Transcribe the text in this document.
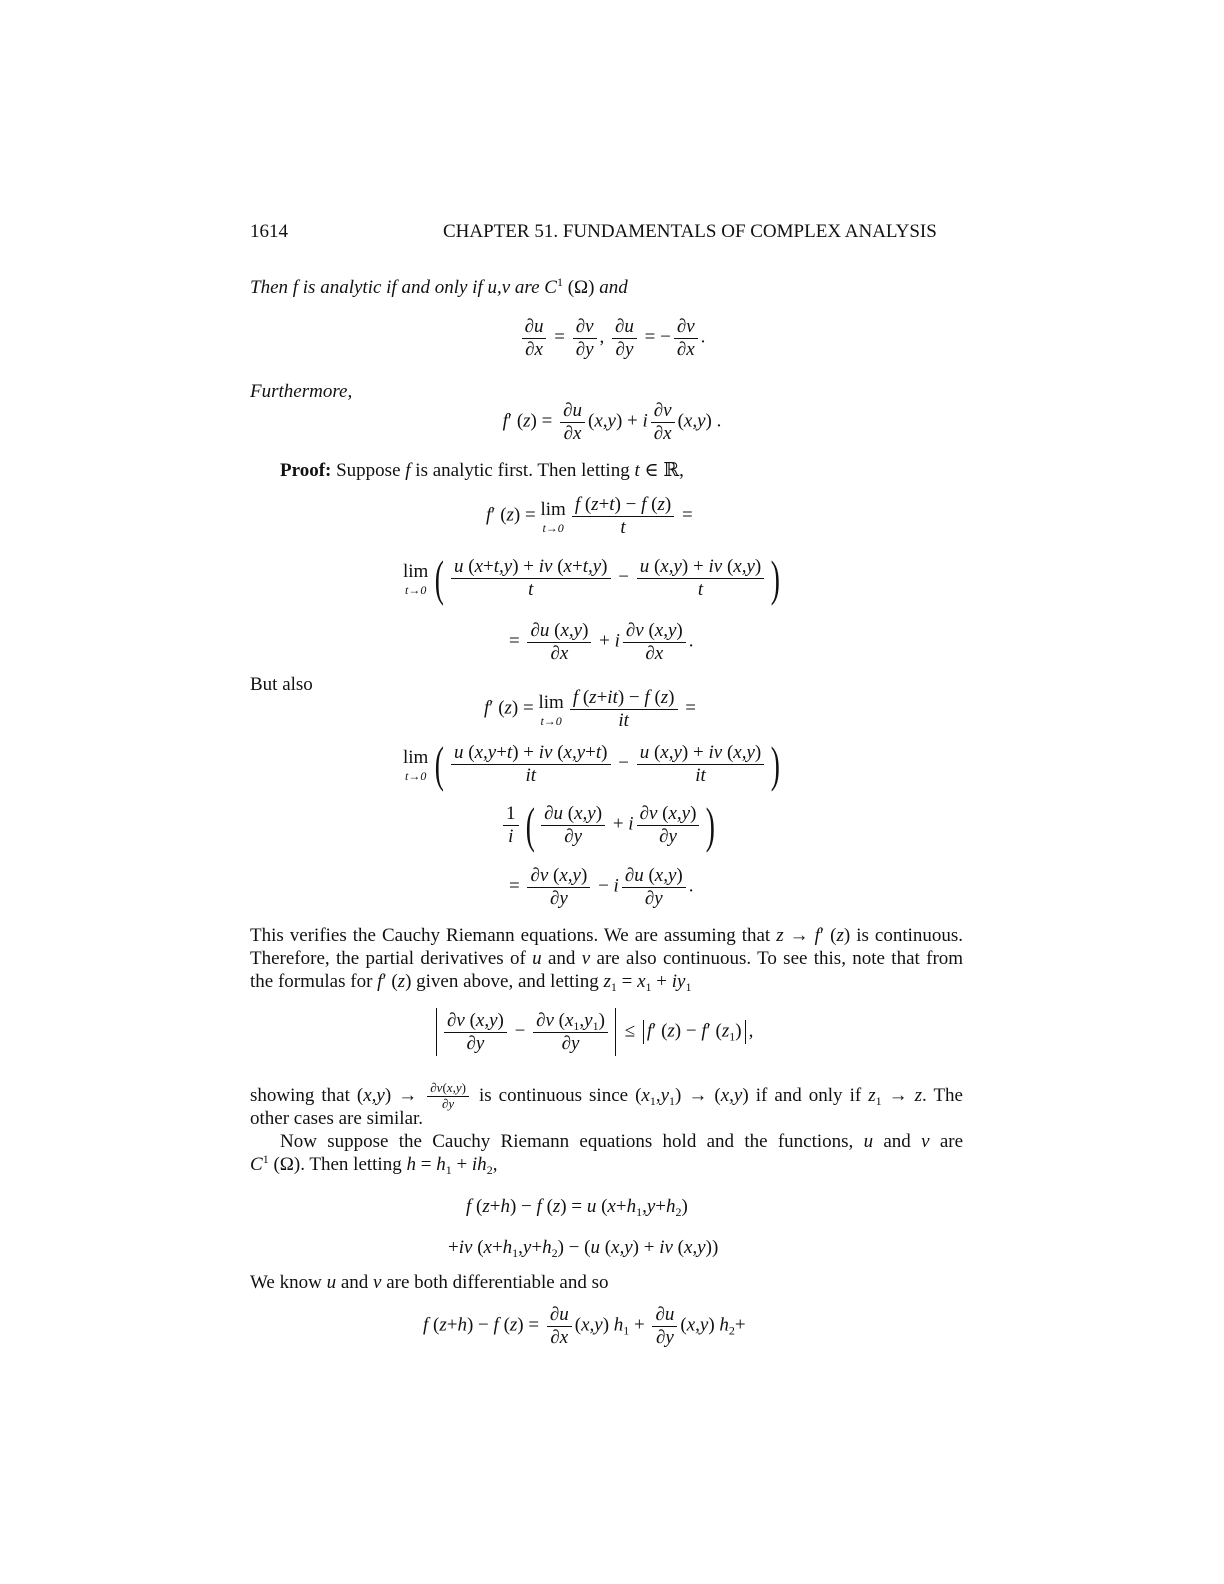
1614	CHAPTER 51. FUNDAMENTALS OF COMPLEX ANALYSIS
Then f is analytic if and only if u,v are $C^1$ (Ω) and
$\frac{\partial u}{\partial x} = \frac{\partial v}{\partial y}$ , $\frac{\partial u}{\partial y}$ = − $\frac{\partial v}{\partial x}$ .
Furthermore,
f′ $(z) = \frac{\partial u}{\partial x} (x,y) + i \frac{\partial v}{\partial x} (x,y)$ .
Proof: Suppose f is analytic first. Then letting t ∈ ℝ,
f′ (z) = lim
$t\to 0 \frac{f (z+t) - f (z)}{t}$ =
lim
t→0 ( $\frac{u (x+t,y) + iv (x+t,y)}{t} - \frac{u (x,y) + iv (x,y)}{t}$ )
= $\frac{\partial u (x,y)}{\partial x} + i \frac{\partial v (x,y)}{\partial x}$ .
But also
f′ (z) = lim
$t\to 0 \frac{f (z+it) - f (z)}{it}$ =
lim
t→0 ( $\frac{u (x,y+t) + iv (x,y+t)}{it} - \frac{u (x,y) + iv (x,y)}{it}$ )
$\frac{1}{i}$ ( $\frac{\partial u (x,y)}{\partial y} + i \frac{\partial v (x,y)}{\partial y}$ )
= $\frac{\partial v (x,y)}{\partial y} - i \frac{\partial u (x,y)}{\partial y}$ .
This verifies the Cauchy Riemann equations. We are assuming that z → f′ (z) is continuous.
Therefore, the partial derivatives of u and v are also continuous. To see this, note that from
the formulas for f′ (z) given above, and letting $z_1 = x_1 + iy_1$
$\frac{\partial v (x,y)}{\partial y} - \frac{\partial v (x_1,y_1)}{\partial y} \le f'$ (z) − f′ $(z_1)$ ,
showing that $(x,y) \to \frac{\partial v(x,y)}{\partial y}$ is continuous since $(x_1,y_1) \to (x,y)$ if and only if $z_1 \to z$. The
other cases are similar.
Now suppose the Cauchy Riemann equations hold and the functions, u and v are
$C^1$ (Ω). Then letting $h = h_1 + ih_2$,
f (z+h) − f (z) = u $(x+h_1,y+h_2)$
+iv $(x+h_1,y+h_2) - (u$ (x,y) + iv (x,y))
We know u and v are both differentiable and so
f (z+h) − f $(z) = \frac{\partial u}{\partial x} (x,y) h_1 + \frac{\partial u}{\partial y} (x,y)$ $h_2+$
